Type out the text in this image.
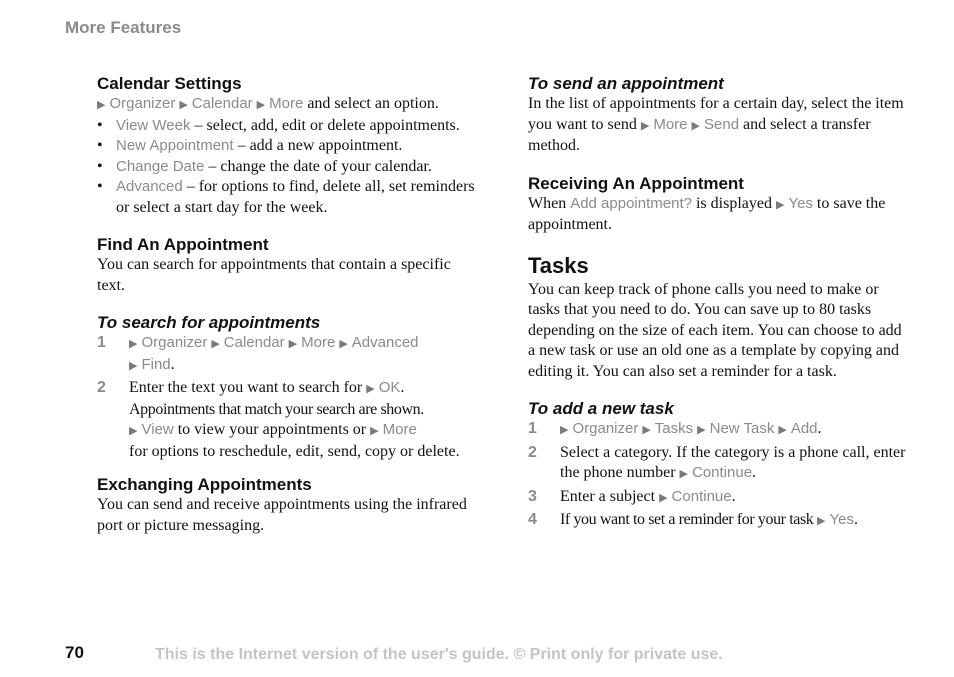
More Features
Calendar Settings

▶ Organizer ▶ Calendar ▶ More and select an option.

• View Week – select, add, edit or delete appointments.
• New Appointment – add a new appointment.
• Change Date – change the date of your calendar.
• Advanced – for options to find, delete all, set reminders or select a start day for the week.
Find An Appointment

You can search for appointments that contain a specific text.

To search for appointments
1 ▶ Organizer ▶ Calendar ▶ More ▶ Advanced
▶ Find.
2 Enter the text you want to search for ▶ OK.
Appointments that match your search are shown.
▶ View to view your appointments or ▶ More
for options to reschedule, edit, send, copy or delete.
Exchanging Appointments

You can send and receive appointments using the infrared port or picture messaging.

To send an appointment

In the list of appointments for a certain day, select the item you want to send ▶ More ▶ Send and select a transfer method.

Receiving An Appointment

When Add appointment? is displayed ▶ Yes to save the appointment.

Tasks

You can keep track of phone calls you need to make or tasks that you need to do. You can save up to 80 tasks depending on the size of each item. You can choose to add a new task or use an old one as a template by copying and editing it. You can also set a reminder for a task.

To add a new task
1 ▶ Organizer ▶ Tasks ▶ New Task ▶ Add.
2 Select a category. If the category is a phone call, enter the phone number ▶ Continue.
3 Enter a subject ▶ Continue.
4 If you want to set a reminder for your task ▶ Yes.
70	This is the Internet version of the user's guide. © Print only for private use.
